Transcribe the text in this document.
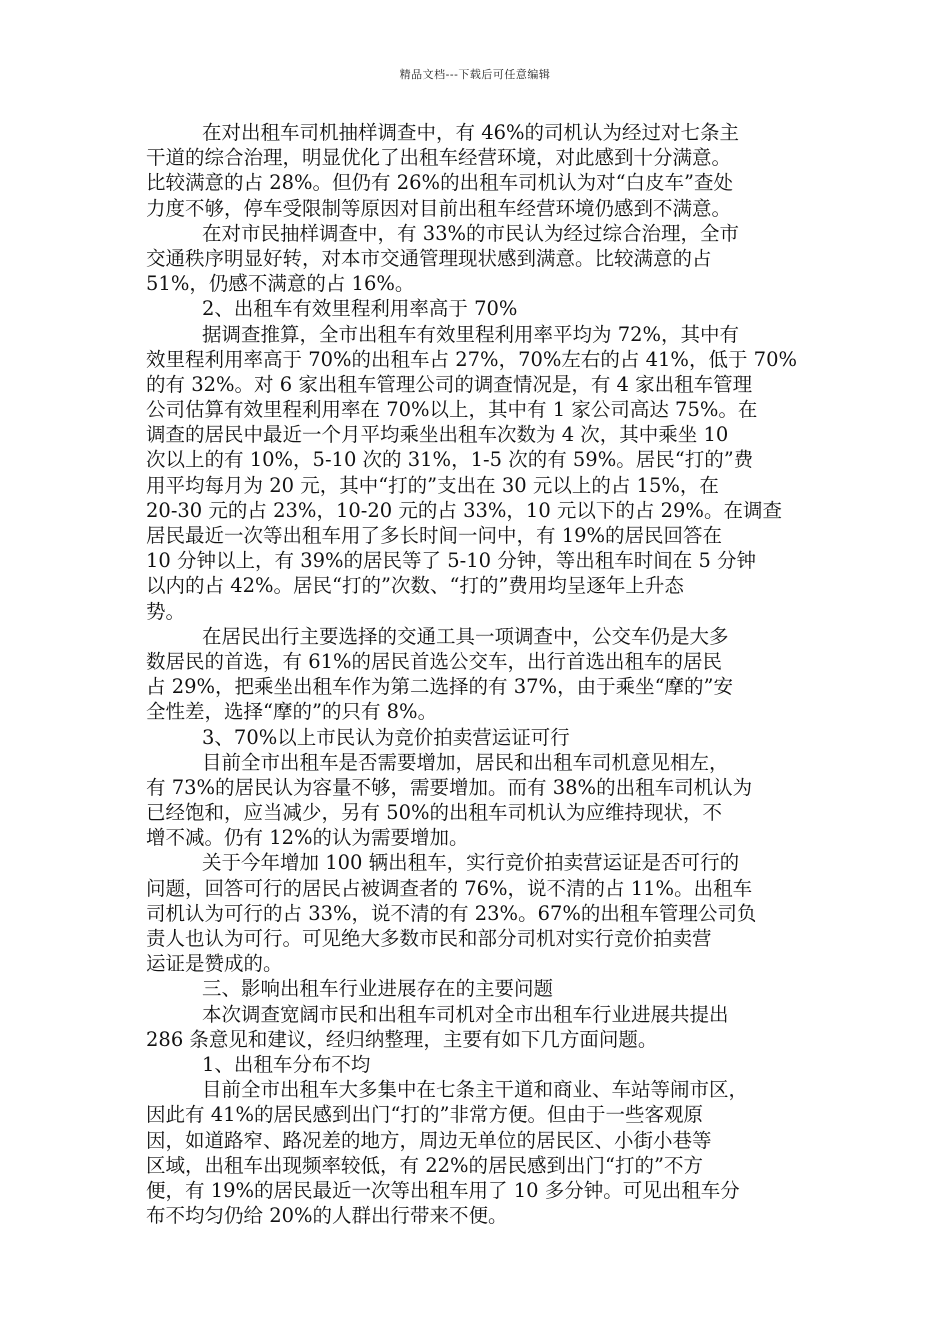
精品文档---下载后可任意编辑
在对出租车司机抽样调查中，有 46%的司机认为经过对七条主
干道的综合治理，明显优化了出租车经营环境，对此感到十分满意。
比较满意的占 28%。但仍有 26%的出租车司机认为对“白皮车”查处
力度不够，停车受限制等原因对目前出租车经营环境仍感到不满意。
在对市民抽样调查中，有 33%的市民认为经过综合治理，全市
交通秩序明显好转，对本市交通管理现状感到满意。比较满意的占
51%，仍感不满意的占 16%。
2、出租车有效里程利用率高于 70%
据调查推算，全市出租车有效里程利用率平均为 72%，其中有
效里程利用率高于 70%的出租车占 27%，70%左右的占 41%，低于 70%
的有 32%。对 6 家出租车管理公司的调查情况是，有 4 家出租车管理
公司估算有效里程利用率在 70%以上，其中有 1 家公司高达 75%。在
调查的居民中最近一个月平均乘坐出租车次数为 4 次，其中乘坐 10
次以上的有 10%，5-10 次的 31%，1-5 次的有 59%。居民“打的”费
用平均每月为 20 元，其中“打的”支出在 30 元以上的占 15%，在
20-30 元的占 23%，10-20 元的占 33%，10 元以下的占 29%。在调查
居民最近一次等出租车用了多长时间一问中，有 19%的居民回答在
10 分钟以上，有 39%的居民等了 5-10 分钟，等出租车时间在 5 分钟
以内的占 42%。居民“打的”次数、“打的”费用均呈逐年上升态
势。
在居民出行主要选择的交通工具一项调查中，公交车仍是大多
数居民的首选，有 61%的居民首选公交车，出行首选出租车的居民
占 29%，把乘坐出租车作为第二选择的有 37%，由于乘坐“摩的”安
全性差，选择“摩的”的只有 8%。
3、70%以上市民认为竞价拍卖营运证可行
目前全市出租车是否需要增加，居民和出租车司机意见相左，
有 73%的居民认为容量不够，需要增加。而有 38%的出租车司机认为
已经饱和，应当减少，另有 50%的出租车司机认为应维持现状，不
增不减。仍有 12%的认为需要增加。
关于今年增加 100 辆出租车，实行竞价拍卖营运证是否可行的
问题，回答可行的居民占被调查者的 76%，说不清的占 11%。出租车
司机认为可行的占 33%，说不清的有 23%。67%的出租车管理公司负
责人也认为可行。可见绝大多数市民和部分司机对实行竞价拍卖营
运证是赞成的。
三、影响出租车行业进展存在的主要问题
本次调查宽阔市民和出租车司机对全市出租车行业进展共提出
286 条意见和建议，经归纳整理，主要有如下几方面问题。
1、出租车分布不均
目前全市出租车大多集中在七条主干道和商业、车站等闹市区，
因此有 41%的居民感到出门“打的”非常方便。但由于一些客观原
因，如道路窄、路况差的地方，周边无单位的居民区、小街小巷等
区域，出租车出现频率较低，有 22%的居民感到出门“打的”不方
便，有 19%的居民最近一次等出租车用了 10 多分钟。可见出租车分
布不均匀仍给 20%的人群出行带来不便。
